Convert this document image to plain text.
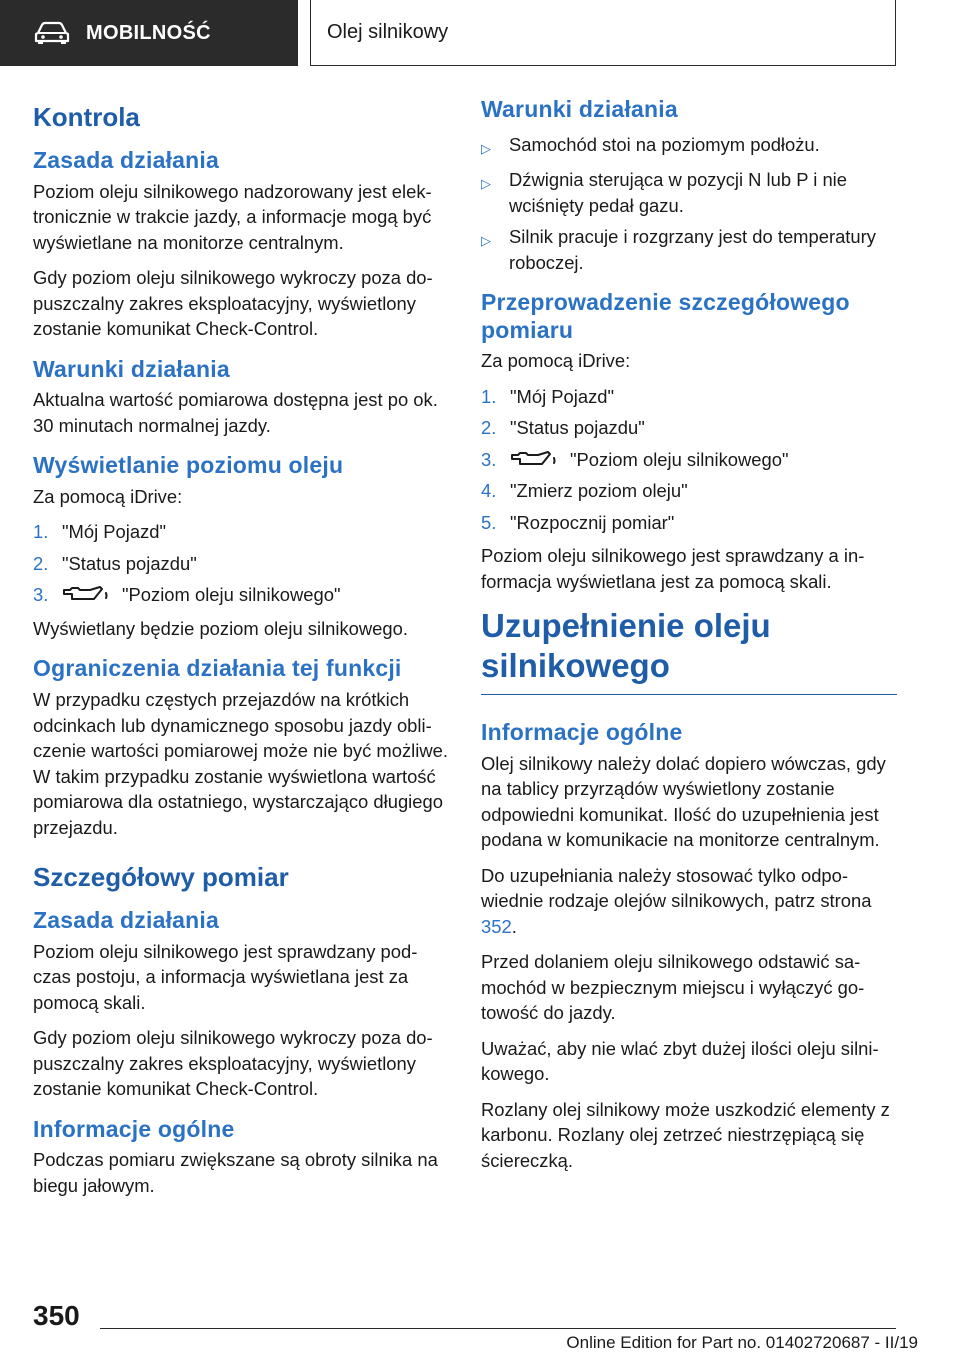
MOBILNOŚĆ	Olej silnikowy
Kontrola
Zasada działania

Poziom oleju silnikowego nadzorowany jest elektronicznie w trakcie jazdy, a informacje mogą być wyświetlane na monitorze centralnym.

Gdy poziom oleju silnikowego wykroczy poza dopuszczalny zakres eksploatacyjny, wyświetlony zostanie komunikat Check-Control.

Warunki działania

Aktualna wartość pomiarowa dostępna jest po ok. 30 minutach normalnej jazdy.

Wyświetlanie poziomu oleju

Za pomocą iDrive:

1. "Mój Pojazd"
2. "Status pojazdu"
3.	"Poziom oleju silnikowego"

Wyświetlany będzie poziom oleju silnikowego.

Ograniczenia działania tej funkcji

W przypadku częstych przejazdów na krótkich odcinkach lub dynamicznego sposobu jazdy obliczenie wartości pomiarowej może nie być możliwe. W takim przypadku zostanie wyświetlona wartość pomiarowa dla ostatniego, wystarczająco długiego przejazdu.

Szczegółowy pomiar
Zasada działania

Poziom oleju silnikowego jest sprawdzany podczas postoju, a informacja wyświetlana jest za pomocą skali.

Gdy poziom oleju silnikowego wykroczy poza dopuszczalny zakres eksploatacyjny, wyświetlony zostanie komunikat Check-Control.

Informacje ogólne

Podczas pomiaru zwiększane są obroty silnika na biegu jałowym.

Warunki działania
▷ Samochód stoi na poziomym podłożu.
▷ Dźwignia sterująca w pozycji N lub P i nie wciśnięty pedał gazu.
▷ Silnik pracuje i rozgrzany jest do temperatury roboczej.
Przeprowadzenie szczegółowego pomiaru

Za pomocą iDrive:

1. "Mój Pojazd"
2. "Status pojazdu"
3.	"Poziom oleju silnikowego"
4. "Zmierz poziom oleju"
5. "Rozpocznij pomiar"

Poziom oleju silnikowego jest sprawdzany a informacja wyświetlana jest za pomocą skali.

Uzupełnienie oleju silnikowego
Informacje ogólne

Olej silnikowy należy dolać dopiero wówczas, gdy na tablicy przyrządów wyświetlony zostanie odpowiedni komunikat. Ilość do uzupełnienia jest podana w komunikacie na monitorze centralnym.

Do uzupełniania należy stosować tylko odpowiednie rodzaje olejów silnikowych, patrz strona 352.

Przed dolaniem oleju silnikowego odstawić samochód w bezpiecznym miejscu i wyłączyć gotowość do jazdy.

Uważać, aby nie wlać zbyt dużej ilości oleju silnikowego.

Rozlany olej silnikowy może uszkodzić elementy z karbonu. Rozlany olej zetrzeć niestrzępiącą się ściereczką.

350
Online Edition for Part no. 01402720687 - II/19
